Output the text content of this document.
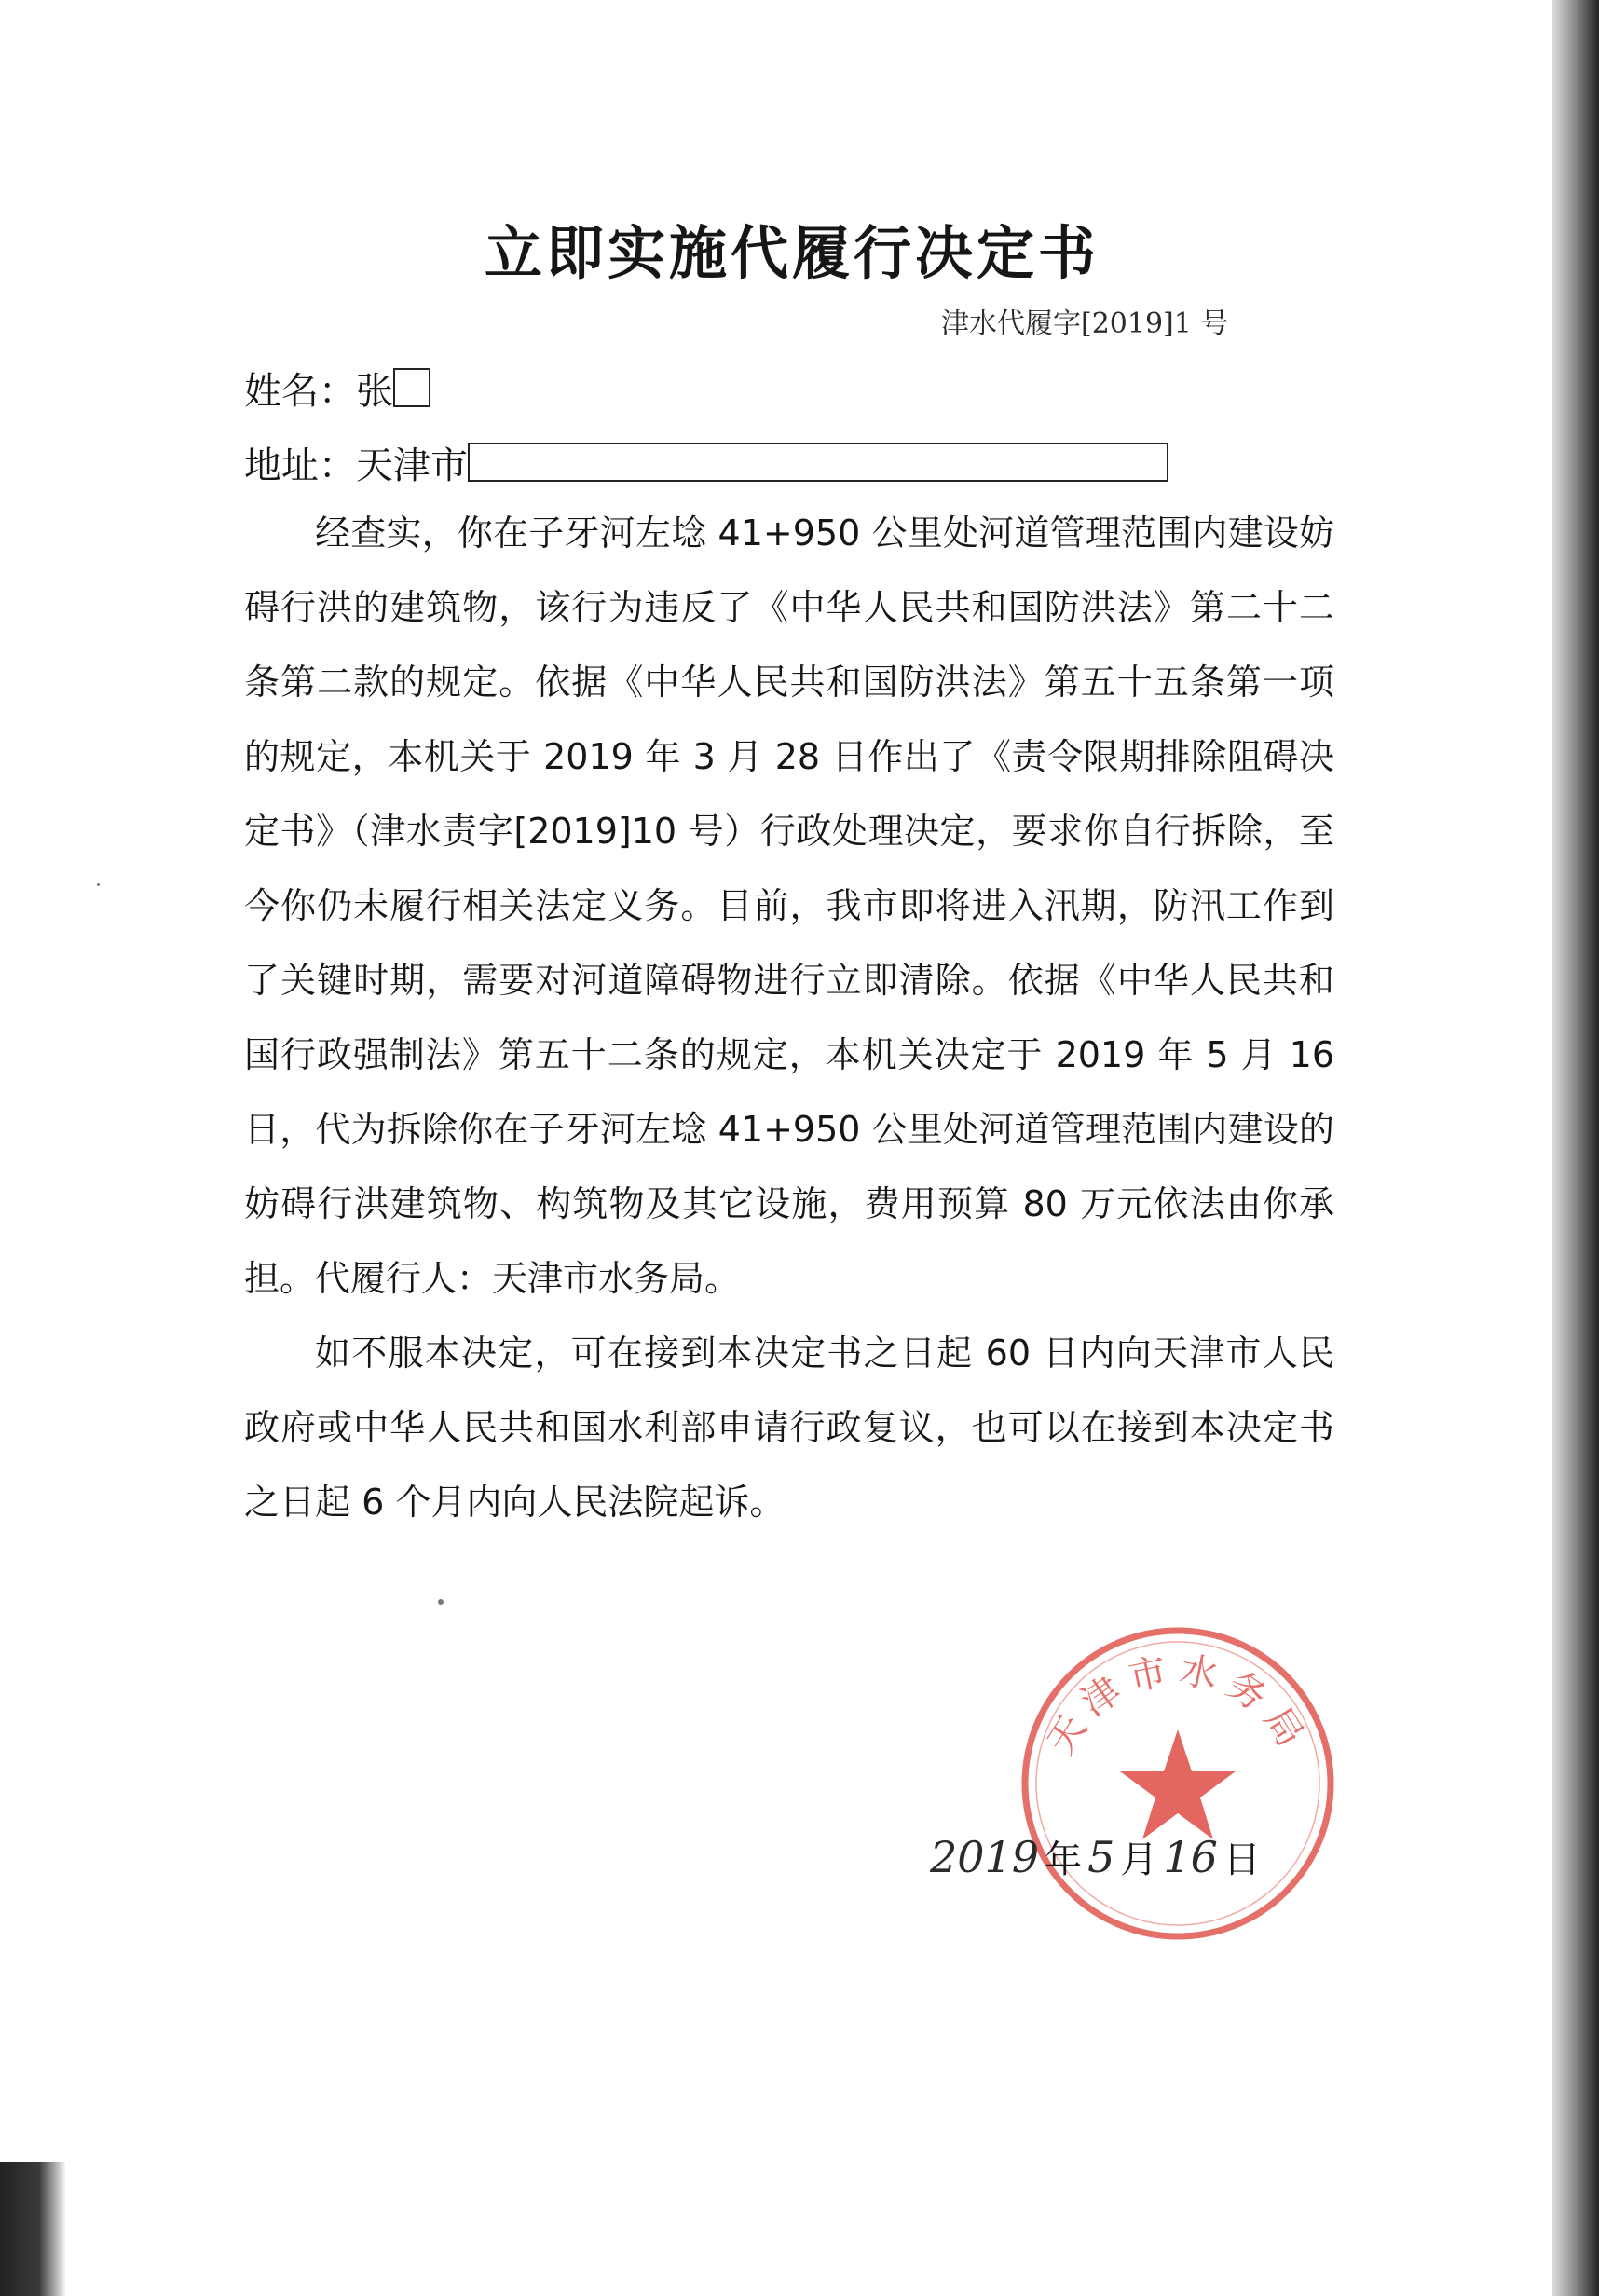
立即实施代履行决定书
津水代履字[2019]1 号
姓名：张
地址：天津市

经查实，你在子牙河左埝 41+950 公里处河道管理范围内建设妨碍行洪的建筑物，该行为违反了《中华人民共和国防洪法》第二十二条第二款的规定。依据《中华人民共和国防洪法》第五十五条第一项的规定，本机关于 2019 年 3 月 28 日作出了《责令限期排除阻碍决定书》（津水责字[2019]10 号）行政处理决定，要求你自行拆除，至今你仍未履行相关法定义务。目前，我市即将进入汛期，防汛工作到了关键时期，需要对河道障碍物进行立即清除。依据《中华人民共和国行政强制法》第五十二条的规定，本机关决定于 2019 年 5 月 16 日，代为拆除你在子牙河左埝 41+950 公里处河道管理范围内建设的妨碍行洪建筑物、构筑物及其它设施，费用预算 80 万元依法由你承担。代履行人：天津市水务局。

如不服本决定，可在接到本决定书之日起 60 日内向天津市人民政府或中华人民共和国水利部申请行政复议，也可以在接到本决定书之日起 6 个月内向人民法院起诉。

天津市水务局
2019 年 5 月 16 日
